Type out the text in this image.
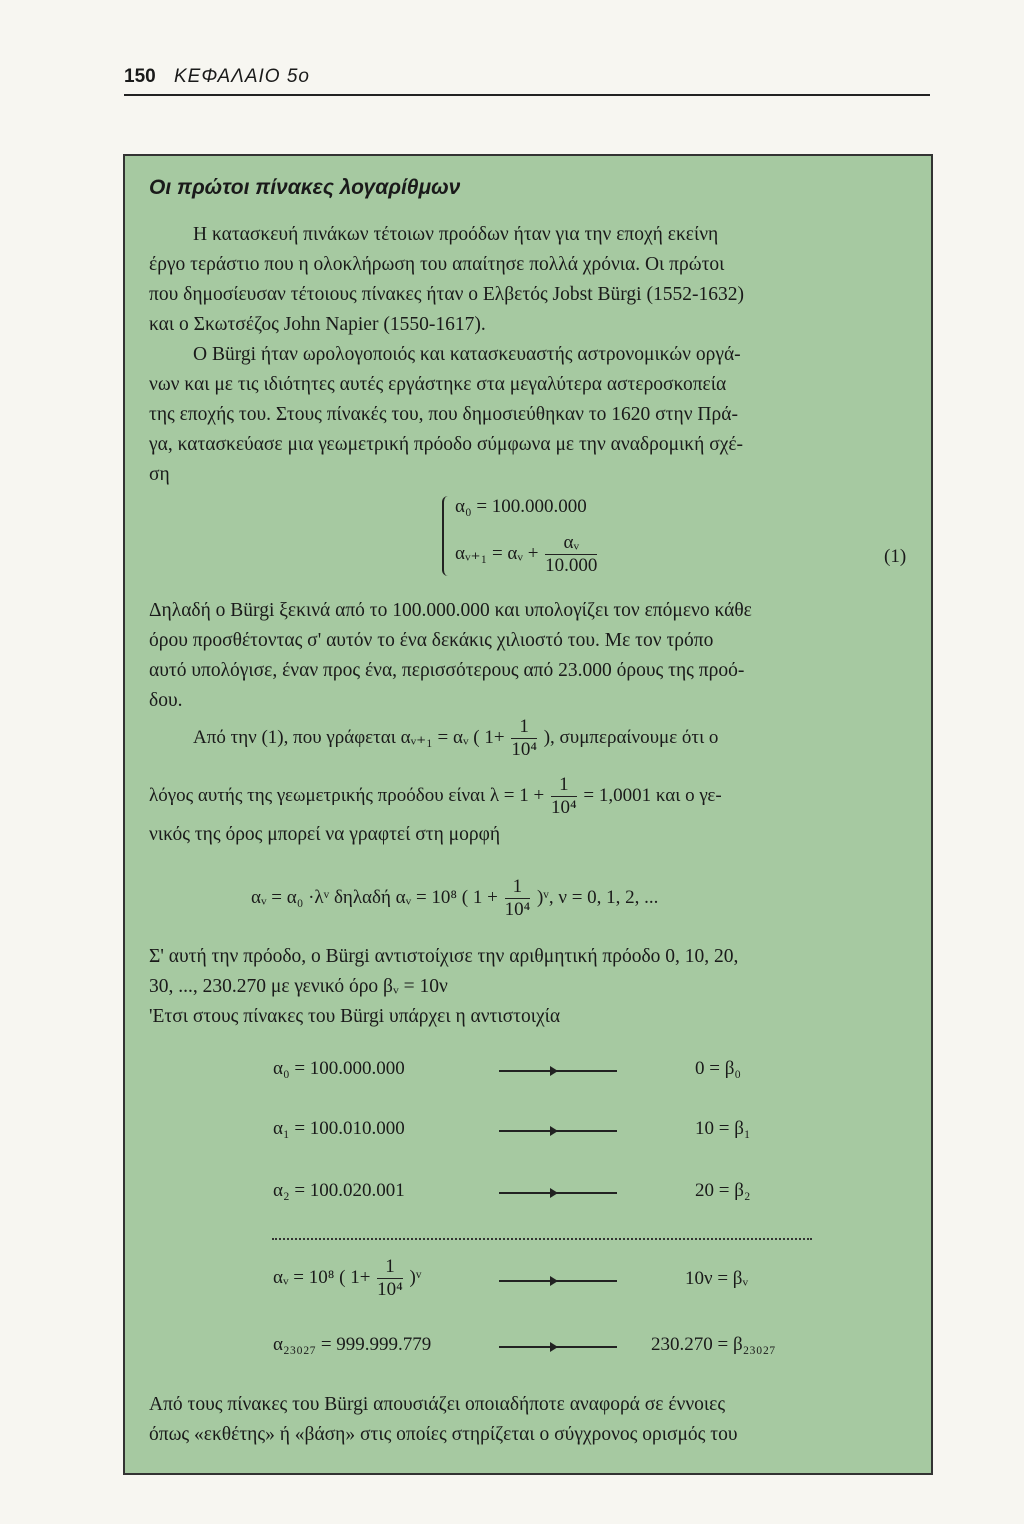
150 ΚΕΦΑΛΑΙΟ 5ο
Οι πρώτοι πίνακες λογαρίθμων
Η κατασκευή πινάκων τέτοιων προόδων ήταν για την εποχή εκείνη
έργο τεράστιο που η ολοκλήρωση του απαίτησε πολλά χρόνια. Οι πρώτοι
που δημοσίευσαν τέτοιους πίνακες ήταν ο Ελβετός Jobst Bürgi (1552-1632)
και ο Σκωτσέζος John Napier (1550-1617).
Ο Bürgi ήταν ωρολογοποιός και κατασκευαστής αστρονομικών οργά-
νων και με τις ιδιότητες αυτές εργάστηκε στα μεγαλύτερα αστεροσκοπεία
της εποχής του. Στους πίνακές του, που δημοσιεύθηκαν το 1620 στην Πρά-
γα, κατασκεύασε μια γεωμετρική πρόοδο σύμφωνα με την αναδρομική σχέ-
ση
α₀ = 100.000.000
αᵥ₊₁ = αᵥ + $\frac{\text{αᵥ}}{10.000}$	(1)
Δηλαδή ο Bürgi ξεκινά από το 100.000.000 και υπολογίζει τον επόμενο κάθε
όρου προσθέτοντας σ' αυτόν το ένα δεκάκις χιλιοστό του. Με τον τρόπο
αυτό υπολόγισε, έναν προς ένα, περισσότερους από 23.000 όρους της προό-
δου.
Από την (1), που γράφεται αᵥ₊₁ = αᵥ ( $1+ \frac{1}{\text{10⁴}}$ ), συμπεραίνουμε ότι ο
λόγος αυτής της γεωμετρικής προόδου είναι $\lambda = 1 + \frac{1}{\text{10⁴}} = 1,0001$ και ο γε-
νικός της όρος μπορεί να γραφτεί στη μορφή
αᵥ = α₀ ·λᵛ δηλαδή αᵥ = 10⁸ ( $1 + \frac{1}{\text{10⁴}}$ )ᵛ, ν = 0, 1, 2, ...
Σ' αυτή την πρόοδο, ο Bürgi αντιστοίχισε την αριθμητική πρόοδο 0, 10, 20,
30, ..., 230.270 με γενικό όρο βᵥ = 10ν
'Ετσι στους πίνακες του Bürgi υπάρχει η αντιστοιχία
α₀ = 100.000.000	0 = β₀
α₁ = 100.010.000	10 = β₁
α₂ = 100.020.001	20 = β₂
αᵥ = 10⁸ ( $1+ \frac{1}{\text{10⁴}}$ )ᵛ	10ν = βᵥ
α₂₃₀₂₇ = 999.999.779	230.270 = β₂₃₀₂₇
Από τους πίνακες του Bürgi απουσιάζει οποιαδήποτε αναφορά σε έννοιες
όπως «εκθέτης» ή «βάση» στις οποίες στηρίζεται ο σύγχρονος ορισμός του
